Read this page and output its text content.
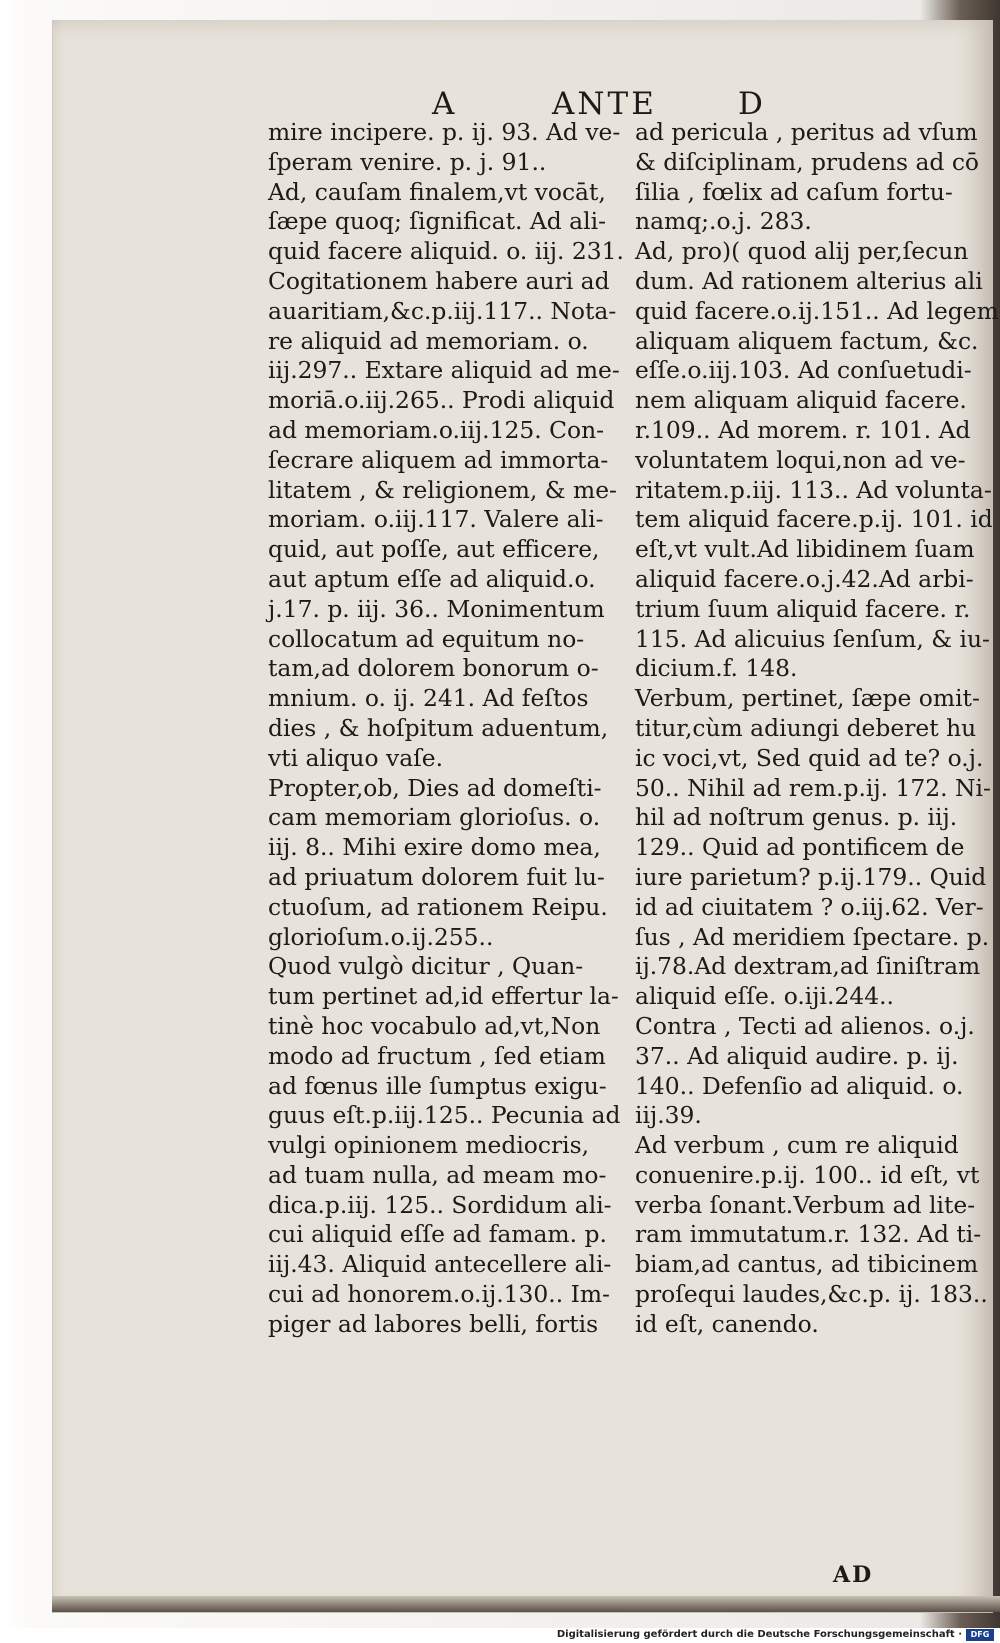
A	ANTE	D
mire incipere. p. ij. 93. Ad ve-
ſperam venire. p. j. 91..
Ad, cauſam finalem,vt vocāt,
ſæpe quoq; ſignificat. Ad ali-
quid facere aliquid. o. iij. 231.
Cogitationem habere auri ad
auaritiam,&c.p.iij.117.. Nota-
re aliquid ad memoriam. o.
iij.297.. Extare aliquid ad me-
moriā.o.iij.265.. Prodi aliquid
ad memoriam.o.iij.125. Con-
ſecrare aliquem ad immorta-
litatem , & religionem, & me-
moriam. o.iij.117. Valere ali-
quid, aut poſſe, aut efficere,
aut aptum eſſe ad aliquid.o.
j.17. p. iij. 36.. Monimentum
collocatum ad equitum no-
tam,ad dolorem bonorum o-
mnium. o. ij. 241. Ad feſtos
dies , & hoſpitum aduentum,
vti aliquo vaſe.
Propter,ob, Dies ad domeſti-
cam memoriam glorioſus. o.
iij. 8.. Mihi exire domo mea,
ad priuatum dolorem fuit lu-
ctuoſum, ad rationem Reipu.
glorioſum.o.ij.255..
Quod vulgò dicitur , Quan-
tum pertinet ad,id effertur la-
tinè hoc vocabulo ad,vt,Non
modo ad fructum , ſed etiam
ad fœnus ille ſumptus exigu-
guus eſt.p.iij.125.. Pecunia ad
vulgi opinionem mediocris,
ad tuam nulla, ad meam mo-
dica.p.iij. 125.. Sordidum ali-
cui aliquid eſſe ad famam. p.
iij.43. Aliquid antecellere ali-
cui ad honorem.o.ij.130.. Im-
piger ad labores belli, fortis
ad pericula , peritus ad vſum
& diſciplinam, prudens ad cō
ſilia , fœlix ad caſum fortu-
namq;.o.j. 283.
Ad, pro)( quod alij per,ſecun
dum. Ad rationem alterius ali
quid facere.o.ij.151.. Ad legem
aliquam aliquem factum, &c.
eſſe.o.iij.103. Ad conſuetudi-
nem aliquam aliquid facere.
r.109.. Ad morem. r. 101. Ad
voluntatem loqui,non ad ve-
ritatem.p.iij. 113.. Ad volunta-
tem aliquid facere.p.ij. 101. id
eſt,vt vult.Ad libidinem ſuam
aliquid facere.o.j.42.Ad arbi-
trium ſuum aliquid facere. r.
115. Ad alicuius ſenſum, & iu-
dicium.f. 148.
Verbum, pertinet, ſæpe omit-
titur,cùm adiungi deberet hu
ic voci,vt, Sed quid ad te? o.j.
50.. Nihil ad rem.p.ij. 172. Ni-
hil ad noſtrum genus. p. iij.
129.. Quid ad pontificem de
iure parietum? p.ij.179.. Quid
id ad ciuitatem ? o.iij.62. Ver-
ſus , Ad meridiem ſpectare. p.
ij.78.Ad dextram,ad ſiniſtram
aliquid eſſe. o.iji.244..
Contra , Tecti ad alienos. o.j.
37.. Ad aliquid audire. p. ij.
140.. Defenſio ad aliquid. o.
iij.39.
Ad verbum , cum re aliquid
conuenire.p.ij. 100.. id eſt, vt
verba ſonant.Verbum ad lite-
ram immutatum.r. 132. Ad ti-
biam,ad cantus, ad tibicinem
proſequi laudes,&c.p. ij. 183..
id eſt, canendo.
AD
Digitalisierung gefördert durch die Deutsche Forschungsgemeinschaft ·	DFG
